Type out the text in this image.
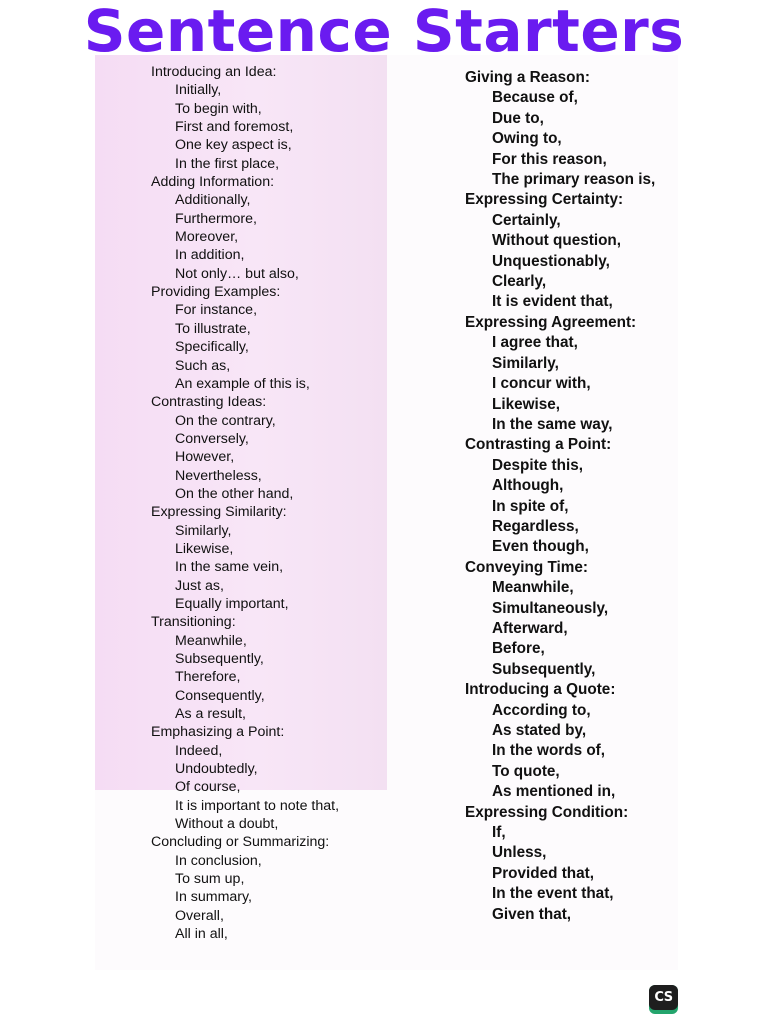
Sentence Starters
Introducing an Idea:
Initially,
To begin with,
First and foremost,
One key aspect is,
In the first place,
Adding Information:
Additionally,
Furthermore,
Moreover,
In addition,
Not only… but also,
Providing Examples:
For instance,
To illustrate,
Specifically,
Such as,
An example of this is,
Contrasting Ideas:
On the contrary,
Conversely,
However,
Nevertheless,
On the other hand,
Expressing Similarity:
Similarly,
Likewise,
In the same vein,
Just as,
Equally important,
Transitioning:
Meanwhile,
Subsequently,
Therefore,
Consequently,
As a result,
Emphasizing a Point:
Indeed,
Undoubtedly,
Of course,
It is important to note that,
Without a doubt,
Concluding or Summarizing:
In conclusion,
To sum up,
In summary,
Overall,
All in all,
Giving a Reason:
Because of,
Due to,
Owing to,
For this reason,
The primary reason is,
Expressing Certainty:
Certainly,
Without question,
Unquestionably,
Clearly,
It is evident that,
Expressing Agreement:
I agree that,
Similarly,
I concur with,
Likewise,
In the same way,
Contrasting a Point:
Despite this,
Although,
In spite of,
Regardless,
Even though,
Conveying Time:
Meanwhile,
Simultaneously,
Afterward,
Before,
Subsequently,
Introducing a Quote:
According to,
As stated by,
In the words of,
To quote,
As mentioned in,
Expressing Condition:
If,
Unless,
Provided that,
In the event that,
Given that,
CS
